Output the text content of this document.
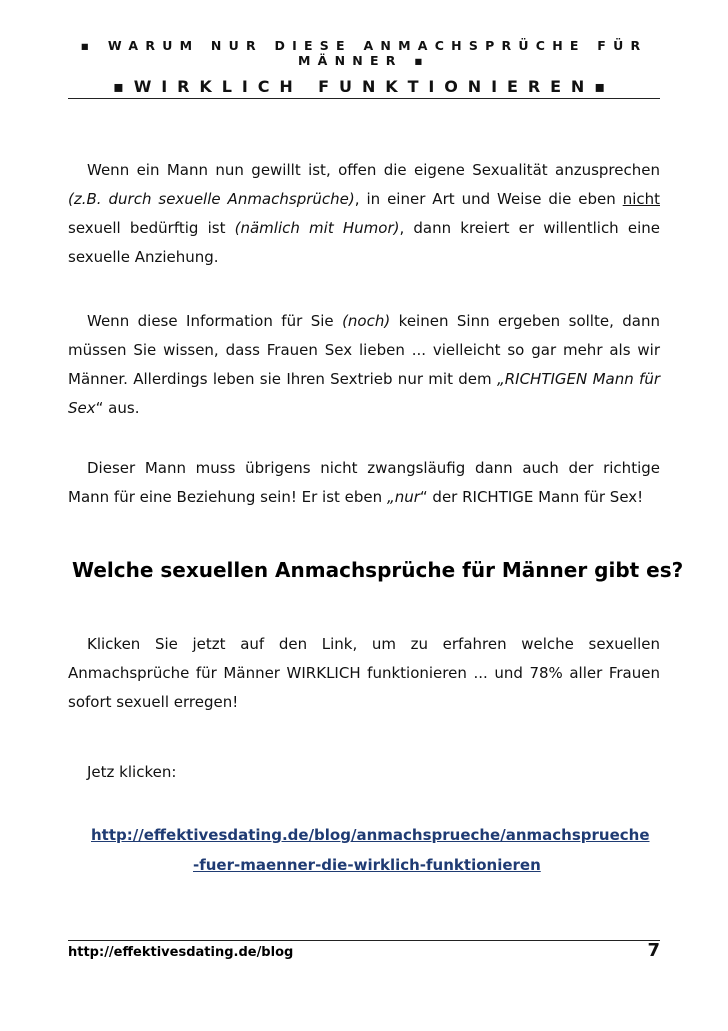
▪ WARUM NUR DIESE ANMACHSPRÜCHE FÜR MÄNNER ▪
▪WIRKLICH FUNKTIONIEREN▪

Wenn ein Mann nun gewillt ist, offen die eigene Sexualität anzusprechen (z.B. durch sexuelle Anmachsprüche), in einer Art und Weise die eben nicht sexuell bedürftig ist (nämlich mit Humor), dann kreiert er willentlich eine sexuelle Anziehung.

Wenn diese Information für Sie (noch) keinen Sinn ergeben sollte, dann müssen Sie wissen, dass Frauen Sex lieben ... vielleicht so gar mehr als wir Männer. Allerdings leben sie Ihren Sextrieb nur mit dem „RICHTIGEN Mann für Sex“ aus.

Dieser Mann muss übrigens nicht zwangsläufig dann auch der richtige Mann für eine Beziehung sein! Er ist eben „nur“ der RICHTIGE Mann für Sex!

Welche sexuellen Anmachsprüche für Männer gibt es?

Klicken Sie jetzt auf den Link, um zu erfahren welche sexuellen Anmachsprüche für Männer WIRKLICH funktionieren ... und 78% aller Frauen sofort sexuell erregen!

Jetz klicken:

http://effektivesdating.de/blog/anmachsprueche/anmachsprueche
-fuer-maenner-die-wirklich-funktionieren
http://effektivesdating.de/blog	7
